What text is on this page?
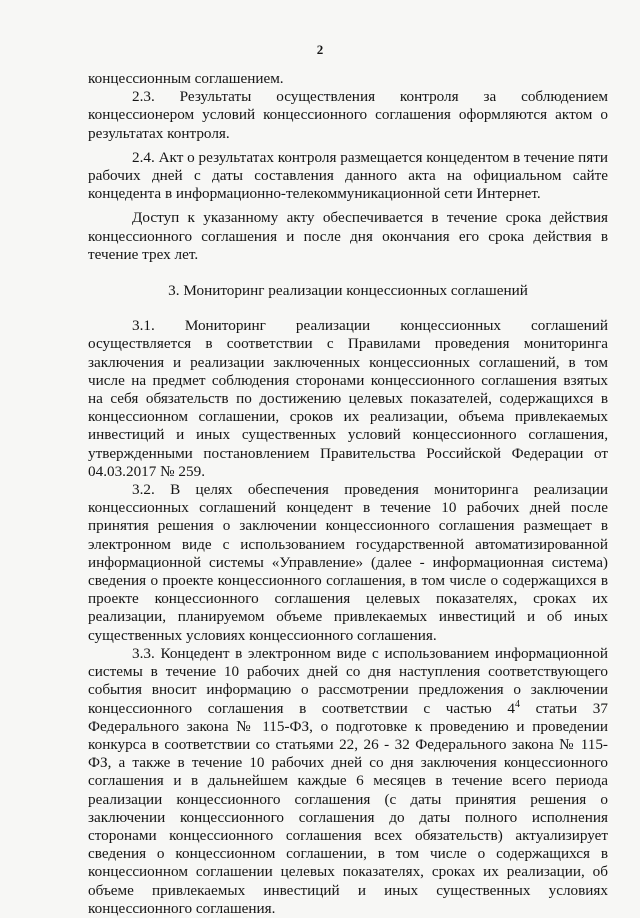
2

концессионным соглашением.

2.3. Результаты осуществления контроля за соблюдением концессионером условий концессионного соглашения оформляются актом о результатах контроля.

2.4. Акт о результатах контроля размещается концедентом в течение пяти рабочих дней с даты составления данного акта на официальном сайте концедента в информационно-телекоммуникационной сети Интернет.

Доступ к указанному акту обеспечивается в течение срока действия концессионного соглашения и после дня окончания его срока действия в течение трех лет.

3. Мониторинг реализации концессионных соглашений

3.1. Мониторинг реализации концессионных соглашений осуществляется в соответствии с Правилами проведения мониторинга заключения и реализации заключенных концессионных соглашений, в том числе на предмет соблюдения сторонами концессионного соглашения взятых на себя обязательств по достижению целевых показателей, содержащихся в концессионном соглашении, сроков их реализации, объема привлекаемых инвестиций и иных существенных условий концессионного соглашения, утвержденными постановлением Правительства Российской Федерации от 04.03.2017 № 259.

3.2. В целях обеспечения проведения мониторинга реализации концессионных соглашений концедент в течение 10 рабочих дней после принятия решения о заключении концессионного соглашения размещает в электронном виде с использованием государственной автоматизированной информационной системы «Управление» (далее - информационная система) сведения о проекте концессионного соглашения, в том числе о содержащихся в проекте концессионного соглашения целевых показателях, сроках их реализации, планируемом объеме привлекаемых инвестиций и об иных существенных условиях концессионного соглашения.

3.3. Концедент в электронном виде с использованием информационной системы в течение 10 рабочих дней со дня наступления соответствующего события вносит информацию о рассмотрении предложения о заключении концессионного соглашения в соответствии с частью $4^4$ статьи 37 Федерального закона № 115-ФЗ, о подготовке к проведению и проведении конкурса в соответствии со статьями 22, 26 - 32 Федерального закона № 115-ФЗ, а также в течение 10 рабочих дней со дня заключения концессионного соглашения и в дальнейшем каждые 6 месяцев в течение всего периода реализации концессионного соглашения (с даты принятия решения о заключении концессионного соглашения до даты полного исполнения сторонами концессионного соглашения всех обязательств) актуализирует сведения о концессионном соглашении, в том числе о содержащихся в концессионном соглашении целевых показателях, сроках их реализации, об объеме привлекаемых инвестиций и иных существенных условиях концессионного соглашения.
